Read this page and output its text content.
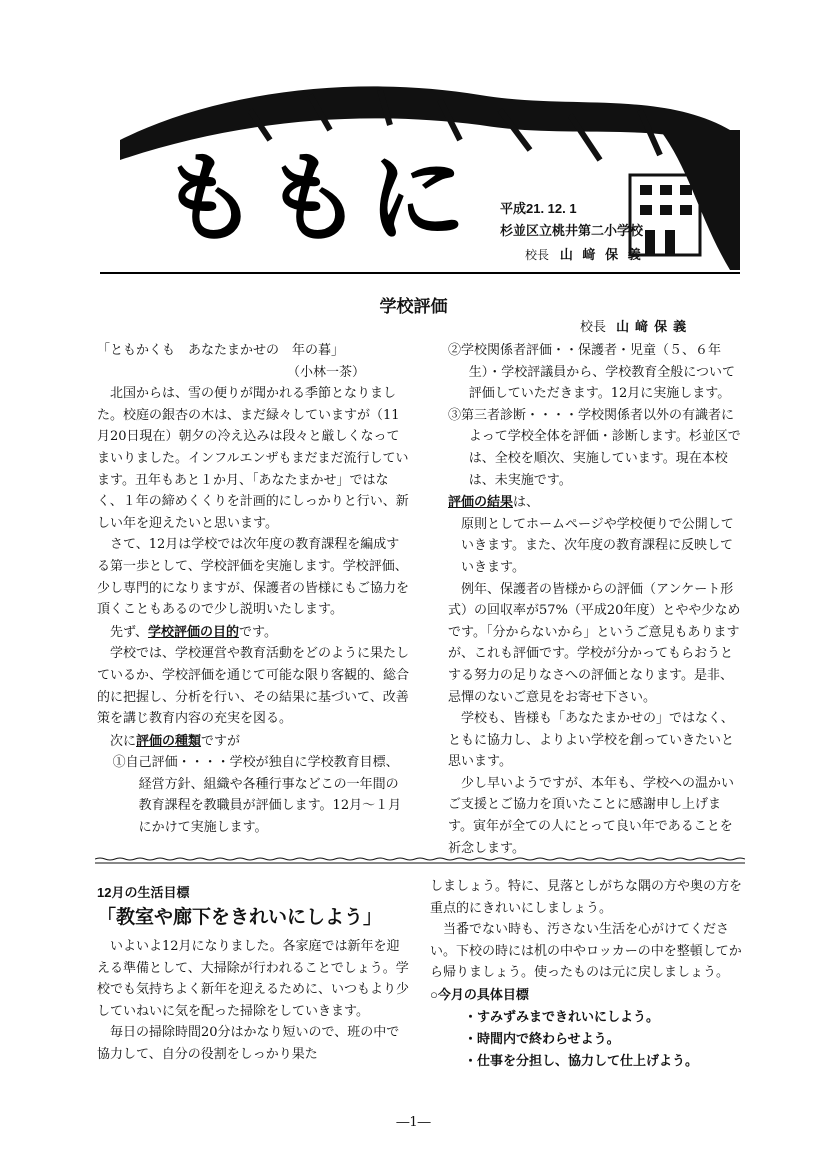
ももに 平成21. 12. 1
杉並区立桃井第二小学校
校長 山 﨑 保 義
学校評価
校長 山﨑保義

「ともかくも　あなたまかせの　年の暮」

（小林一茶）

北国からは、雪の便りが聞かれる季節となりました。校庭の銀杏の木は、まだ緑々していますが（11月20日現在）朝夕の冷え込みは段々と厳しくなってまいりました。インフルエンザもまだまだ流行しています。丑年もあと１か月、「あなたまかせ」ではなく、１年の締めくくりを計画的にしっかりと行い、新しい年を迎えたいと思います。

さて、12月は学校では次年度の教育課程を編成する第一歩として、学校評価を実施します。学校評価、少し専門的になりますが、保護者の皆様にもご協力を頂くこともあるので少し説明いたします。

先ず、学校評価の目的です。

学校では、学校運営や教育活動をどのように果たしているか、学校評価を通じて可能な限り客観的、総合的に把握し、分析を行い、その結果に基づいて、改善策を講じ教育内容の充実を図る。

次に評価の種類ですが

①自己評価・・・・学校が独自に学校教育目標、経営方針、組織や各種行事などこの一年間の教育課程を教職員が評価します。12月～１月にかけて実施します。

②学校関係者評価・・保護者・児童（５、６年生）・学校評議員から、学校教育全般について評価していただきます。12月に実施します。

③第三者診断・・・・学校関係者以外の有識者によって学校全体を評価・診断します。杉並区では、全校を順次、実施しています。現在本校は、未実施です。

評価の結果は、

原則としてホームページや学校便りで公開していきます。また、次年度の教育課程に反映していきます。

例年、保護者の皆様からの評価（アンケート形式）の回収率が57%（平成20年度）とやや少なめです。「分からないから」というご意見もありますが、これも評価です。学校が分かってもらおうとする努力の足りなさへの評価となります。是非、忌憚のないご意見をお寄せ下さい。

学校も、皆様も「あなたまかせの」ではなく、ともに協力し、よりよい学校を創っていきたいと思います。

少し早いようですが、本年も、学校への温かいご支援とご協力を頂いたことに感謝申し上げます。寅年が全ての人にとって良い年であることを祈念します。

12月の生活目標
「教室や廊下をきれいにしよう」

いよいよ12月になりました。各家庭では新年を迎える準備として、大掃除が行われることでしょう。学校でも気持ちよく新年を迎えるために、いつもより少していねいに気を配った掃除をしていきます。

毎日の掃除時間20分はかなり短いので、班の中で協力して、自分の役割をしっかり果た

しましょう。特に、見落としがちな隅の方や奥の方を重点的にきれいにしましょう。

当番でない時も、汚さない生活を心がけてください。下校の時には机の中やロッカーの中を整頓してから帰りましょう。使ったものは元に戻しましょう。

○今月の具体目標

・すみずみまできれいにしよう。

・時間内で終わらせよう。

・仕事を分担し、協力して仕上げよう。

―1―
